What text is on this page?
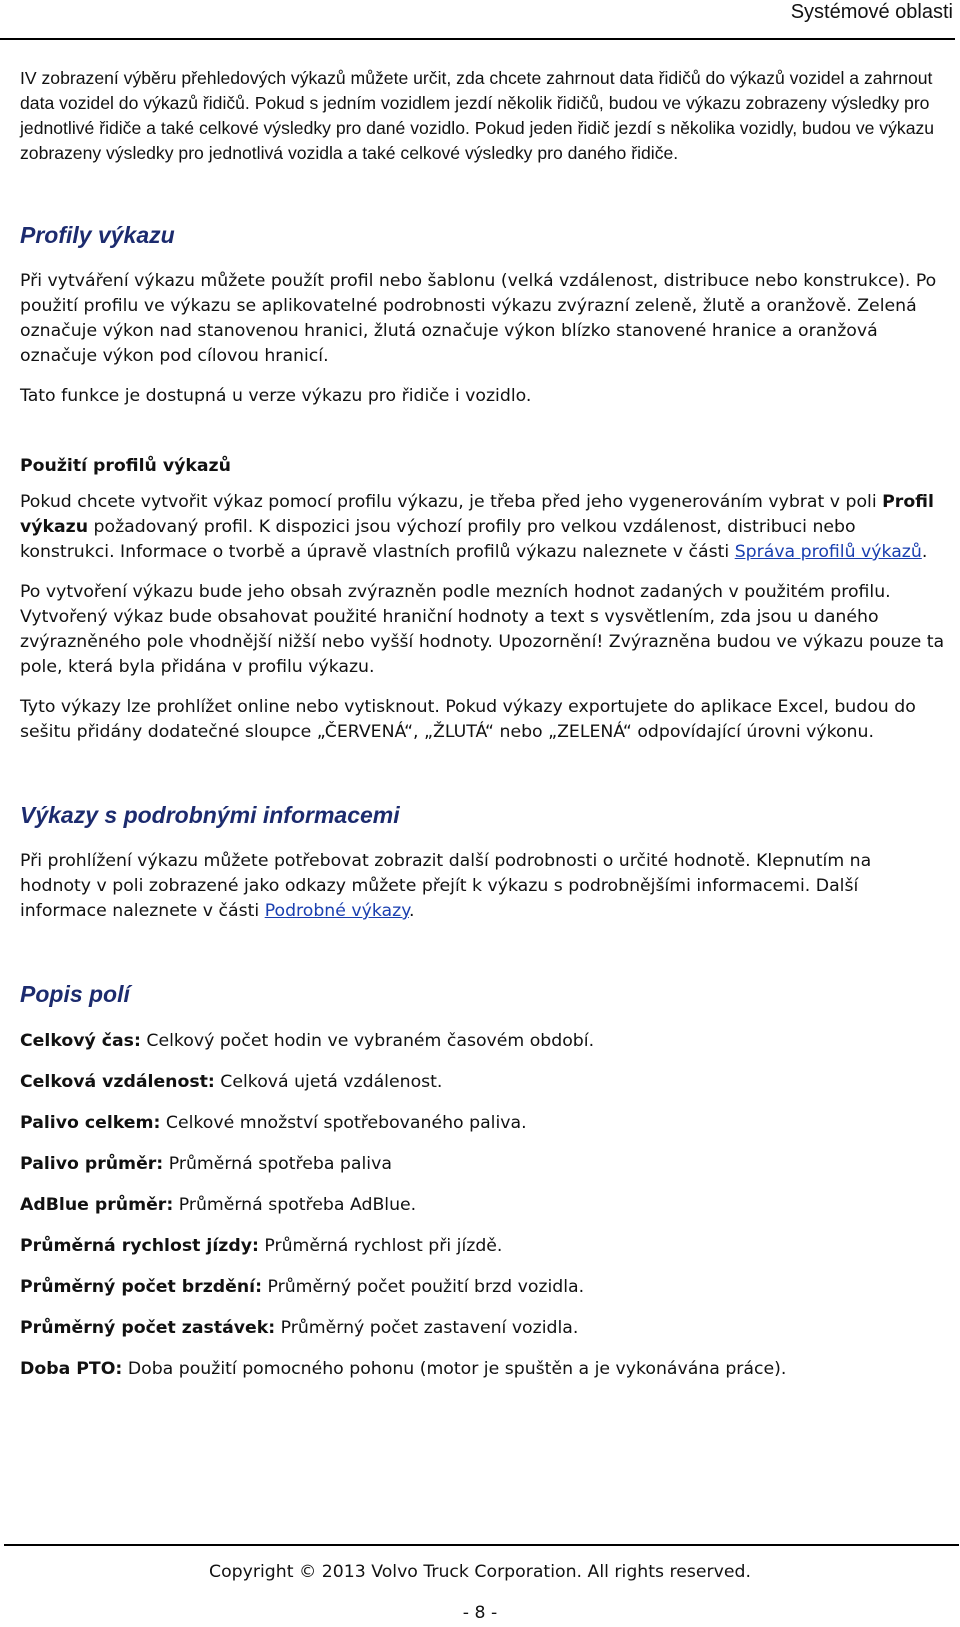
Systémové oblasti

IV zobrazení výběru přehledových výkazů můžete určit, zda chcete zahrnout data řidičů do výkazů vozidel a zahrnout data vozidel do výkazů řidičů. Pokud s jedním vozidlem jezdí několik řidičů, budou ve výkazu zobrazeny výsledky pro jednotlivé řidiče a také celkové výsledky pro dané vozidlo. Pokud jeden řidič jezdí s několika vozidly, budou ve výkazu zobrazeny výsledky pro jednotlivá vozidla a také celkové výsledky pro daného řidiče.

Profily výkazu

Při vytváření výkazu můžete použít profil nebo šablonu (velká vzdálenost, distribuce nebo konstrukce). Po použití profilu ve výkazu se aplikovatelné podrobnosti výkazu zvýrazní zeleně, žlutě a oranžově. Zelená označuje výkon nad stanovenou hranici, žlutá označuje výkon blízko stanovené hranice a oranžová označuje výkon pod cílovou hranicí.

Tato funkce je dostupná u verze výkazu pro řidiče i vozidlo.

Použití profilů výkazů

Pokud chcete vytvořit výkaz pomocí profilu výkazu, je třeba před jeho vygenerováním vybrat v poli Profil výkazu požadovaný profil. K dispozici jsou výchozí profily pro velkou vzdálenost, distribuci nebo konstrukci. Informace o tvorbě a úpravě vlastních profilů výkazu naleznete v části Správa profilů výkazů.

Po vytvoření výkazu bude jeho obsah zvýrazněn podle mezních hodnot zadaných v použitém profilu. Vytvořený výkaz bude obsahovat použité hraniční hodnoty a text s vysvětlením, zda jsou u daného zvýrazněného pole vhodnější nižší nebo vyšší hodnoty. Upozornění! Zvýrazněna budou ve výkazu pouze ta pole, která byla přidána v profilu výkazu.

Tyto výkazy lze prohlížet online nebo vytisknout. Pokud výkazy exportujete do aplikace Excel, budou do sešitu přidány dodatečné sloupce „ČERVENÁ“, „ŽLUTÁ“ nebo „ZELENÁ“ odpovídající úrovni výkonu.

Výkazy s podrobnými informacemi

Při prohlížení výkazu můžete potřebovat zobrazit další podrobnosti o určité hodnotě. Klepnutím na hodnoty v poli zobrazené jako odkazy můžete přejít k výkazu s podrobnějšími informacemi. Další informace naleznete v části Podrobné výkazy.

Popis polí

Celkový čas: Celkový počet hodin ve vybraném časovém období.

Celková vzdálenost: Celková ujetá vzdálenost.

Palivo celkem: Celkové množství spotřebovaného paliva.

Palivo průměr: Průměrná spotřeba paliva

AdBlue průměr: Průměrná spotřeba AdBlue.

Průměrná rychlost jízdy: Průměrná rychlost při jízdě.

Průměrný počet brzdění: Průměrný počet použití brzd vozidla.

Průměrný počet zastávek: Průměrný počet zastavení vozidla.

Doba PTO: Doba použití pomocného pohonu (motor je spuštěn a je vykonávána práce).

Copyright © 2013 Volvo Truck Corporation. All rights reserved.
- 8 -
